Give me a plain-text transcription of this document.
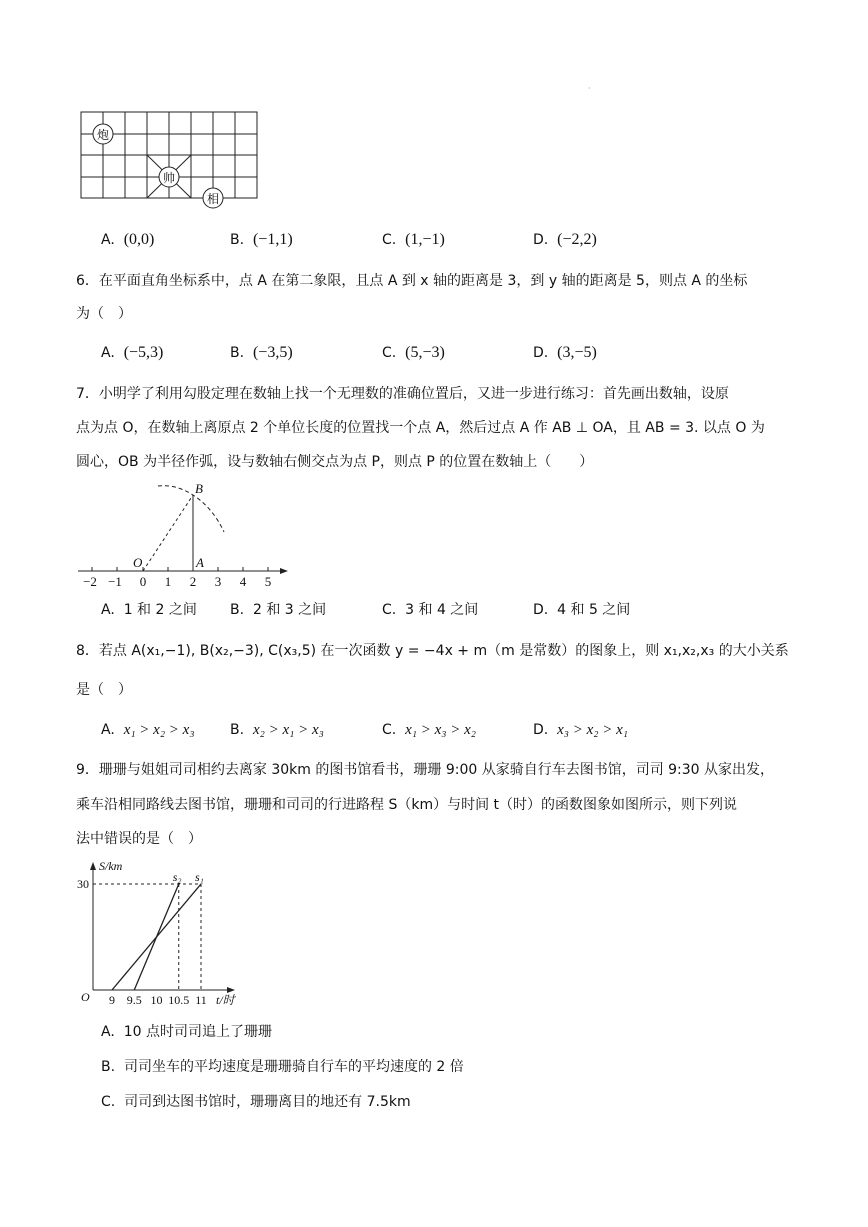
·
炮
帅
相
A. (0,0)	B. (−1,1)	C. (1,−1)	D. (−2,2)
6．在平面直角坐标系中，点 A 在第二象限，且点 A 到 x 轴的距离是 3，到 y 轴的距离是 5，则点 A 的坐标
为（　）
A. (−5,3)	B. (−3,5)	C. (5,−3)	D. (3,−5)
7．小明学了利用勾股定理在数轴上找一个无理数的准确位置后，又进一步进行练习：首先画出数轴，设原
点为点 O，在数轴上离原点 2 个单位长度的位置找一个点 A，然后过点 A 作 AB ⊥ OA，且 AB = 3. 以点 O 为
圆心，OB 为半径作弧，设与数轴右侧交点为点 P，则点 P 的位置在数轴上（　　）
−2 −1 0 1 2 3 4 5
B
O	A
A. 1 和 2 之间 B. 2 和 3 之间	C. 3 和 4 之间	D. 4 和 5 之间
8．若点 A(x₁,−1), B(x₂,−3), C(x₃,5) 在一次函数 y = −4x + m（m 是常数）的图象上，则 x₁,x₂,x₃ 的大小关系
是（　）
A. x₁ > x₂ > x₃	B. x₂ > x₁ > x₃	C. x₁ > x₃ > x₂	D. x₃ > x₂ > x₁
9．珊珊与姐姐司司相约去离家 30km 的图书馆看书，珊珊 9:00 从家骑自行车去图书馆，司司 9:30 从家出发，
乘车沿相同路线去图书馆，珊珊和司司的行进路程 S（km）与时间 t（时）的函数图象如图所示，则下列说
法中错误的是（　）
S/km
t/时
O
30
9 9.5 10 10.5 11
s₁
s₂
A. 10 点时司司追上了珊珊
B. 司司坐车的平均速度是珊珊骑自行车的平均速度的 2 倍
C. 司司到达图书馆时，珊珊离目的地还有 7.5km
